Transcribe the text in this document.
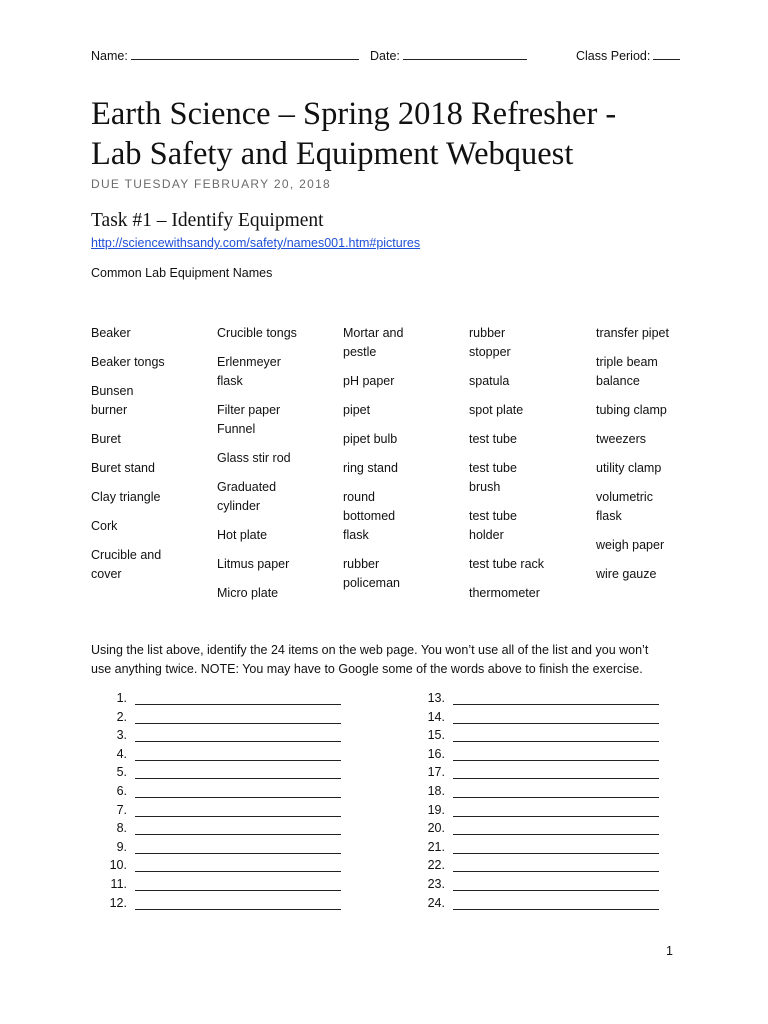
Name:	Date:	Class Period:
Earth Science – Spring 2018 Refresher -
Lab Safety and Equipment Webquest
DUE TUESDAY FEBRUARY 20, 2018
Task #1 – Identify Equipment
http://sciencewithsandy.com/safety/names001.htm#pictures
Common Lab Equipment Names
Beaker
Beaker tongs
Bunsen
burner
Buret
Buret stand
Clay triangle
Cork
Crucible and
cover
Crucible tongs
Erlenmeyer
flask
Filter paper
Funnel
Glass stir rod
Graduated
cylinder
Hot plate
Litmus paper
Micro plate
Mortar and
pestle
pH paper
pipet
pipet bulb
ring stand
round
bottomed
flask
rubber
policeman
rubber
stopper
spatula
spot plate
test tube
test tube
brush
test tube
holder
test tube rack
thermometer
transfer pipet
triple beam
balance
tubing clamp
tweezers
utility clamp
volumetric
flask
weigh paper
wire gauze
Using the list above, identify the 24 items on the web page. You won’t use all of the list and you won’t
use anything twice. NOTE: You may have to Google some of the words above to finish the exercise.
1.
2.
3.
4.
5.
6.
7.
8.
9.
10.
11.
12.
13.
14.
15.
16.
17.
18.
19.
20.
21.
22.
23.
24.
1
